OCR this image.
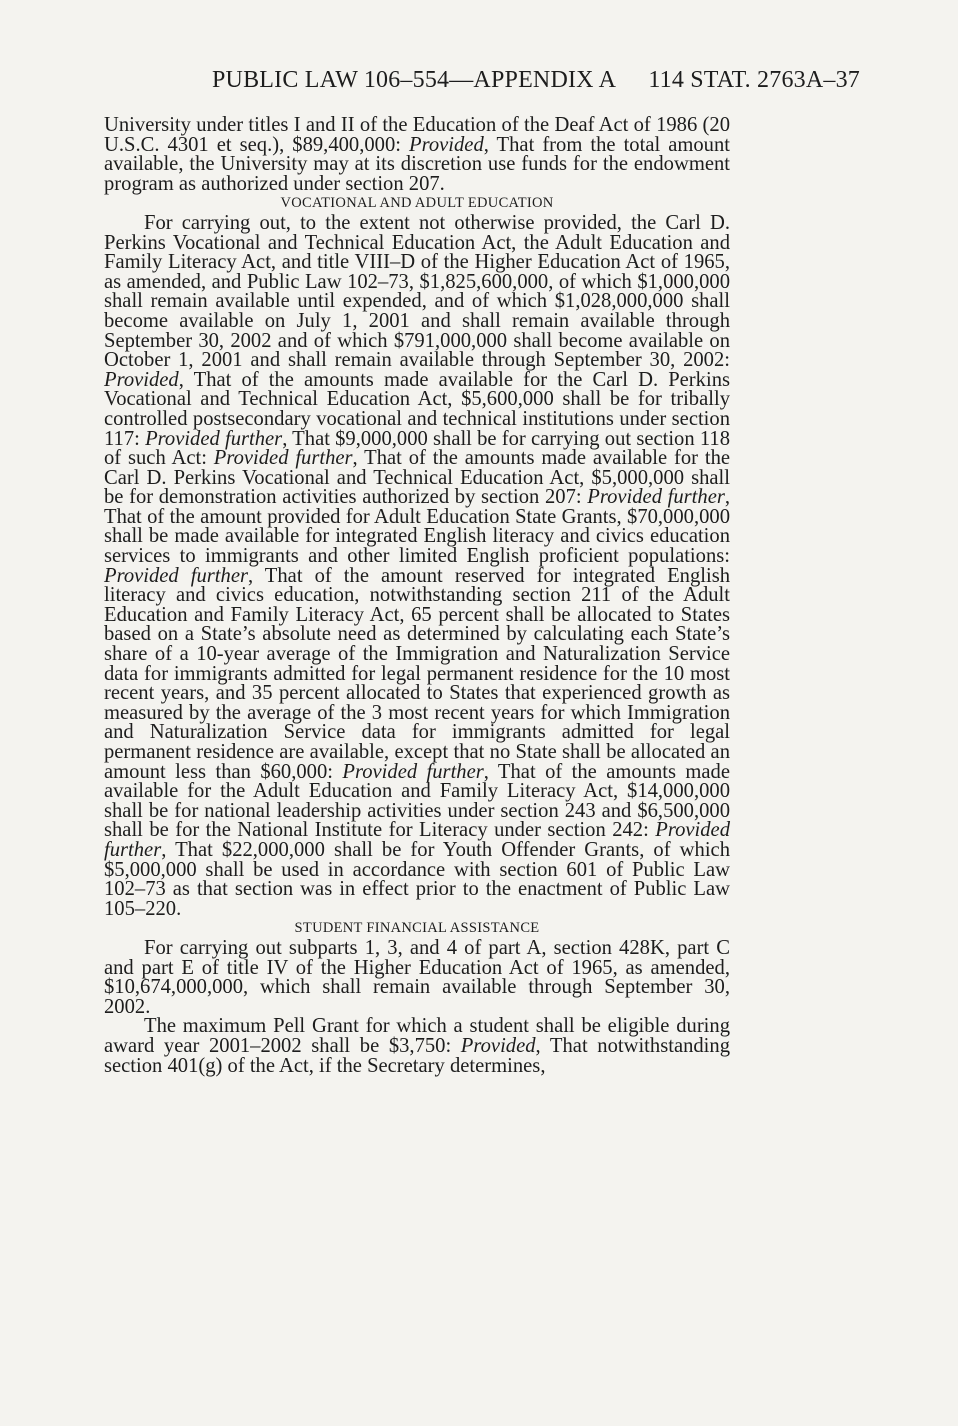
PUBLIC LAW 106–554—APPENDIX A 114 STAT. 2763A–37

University under titles I and II of the Education of the Deaf Act of 1986 (20 U.S.C. 4301 et seq.), $89,400,000: Provided, That from the total amount available, the University may at its discretion use funds for the endowment program as authorized under section 207.

VOCATIONAL AND ADULT EDUCATION

For carrying out, to the extent not otherwise provided, the Carl D. Perkins Vocational and Technical Education Act, the Adult Education and Family Literacy Act, and title VIII–D of the Higher Education Act of 1965, as amended, and Public Law 102–73, $1,825,600,000, of which $1,000,000 shall remain available until expended, and of which $1,028,000,000 shall become available on July 1, 2001 and shall remain available through September 30, 2002 and of which $791,000,000 shall become available on October 1, 2001 and shall remain available through September 30, 2002: Provided, That of the amounts made available for the Carl D. Perkins Vocational and Technical Education Act, $5,600,000 shall be for tribally controlled postsecondary vocational and technical institutions under section 117: Provided further, That $9,000,000 shall be for carrying out section 118 of such Act: Provided further, That of the amounts made available for the Carl D. Perkins Vocational and Technical Education Act, $5,000,000 shall be for demonstration activities authorized by section 207: Provided further, That of the amount provided for Adult Education State Grants, $70,000,000 shall be made available for integrated English literacy and civics education services to immigrants and other limited English proficient populations: Provided further, That of the amount reserved for integrated English literacy and civics education, notwithstanding section 211 of the Adult Education and Family Literacy Act, 65 percent shall be allocated to States based on a State’s absolute need as determined by calculating each State’s share of a 10-year average of the Immigration and Naturalization Service data for immigrants admitted for legal permanent residence for the 10 most recent years, and 35 percent allocated to States that experienced growth as measured by the average of the 3 most recent years for which Immigration and Naturalization Service data for immigrants admitted for legal permanent residence are available, except that no State shall be allocated an amount less than $60,000: Provided further, That of the amounts made available for the Adult Education and Family Literacy Act, $14,000,000 shall be for national leadership activities under section 243 and $6,500,000 shall be for the National Institute for Literacy under section 242: Provided further, That $22,000,000 shall be for Youth Offender Grants, of which $5,000,000 shall be used in accordance with section 601 of Public Law 102–73 as that section was in effect prior to the enactment of Public Law 105–220.

STUDENT FINANCIAL ASSISTANCE

For carrying out subparts 1, 3, and 4 of part A, section 428K, part C and part E of title IV of the Higher Education Act of 1965, as amended, $10,674,000,000, which shall remain available through September 30, 2002.

The maximum Pell Grant for which a student shall be eligible during award year 2001–2002 shall be $3,750: Provided, That notwithstanding section 401(g) of the Act, if the Secretary determines,
